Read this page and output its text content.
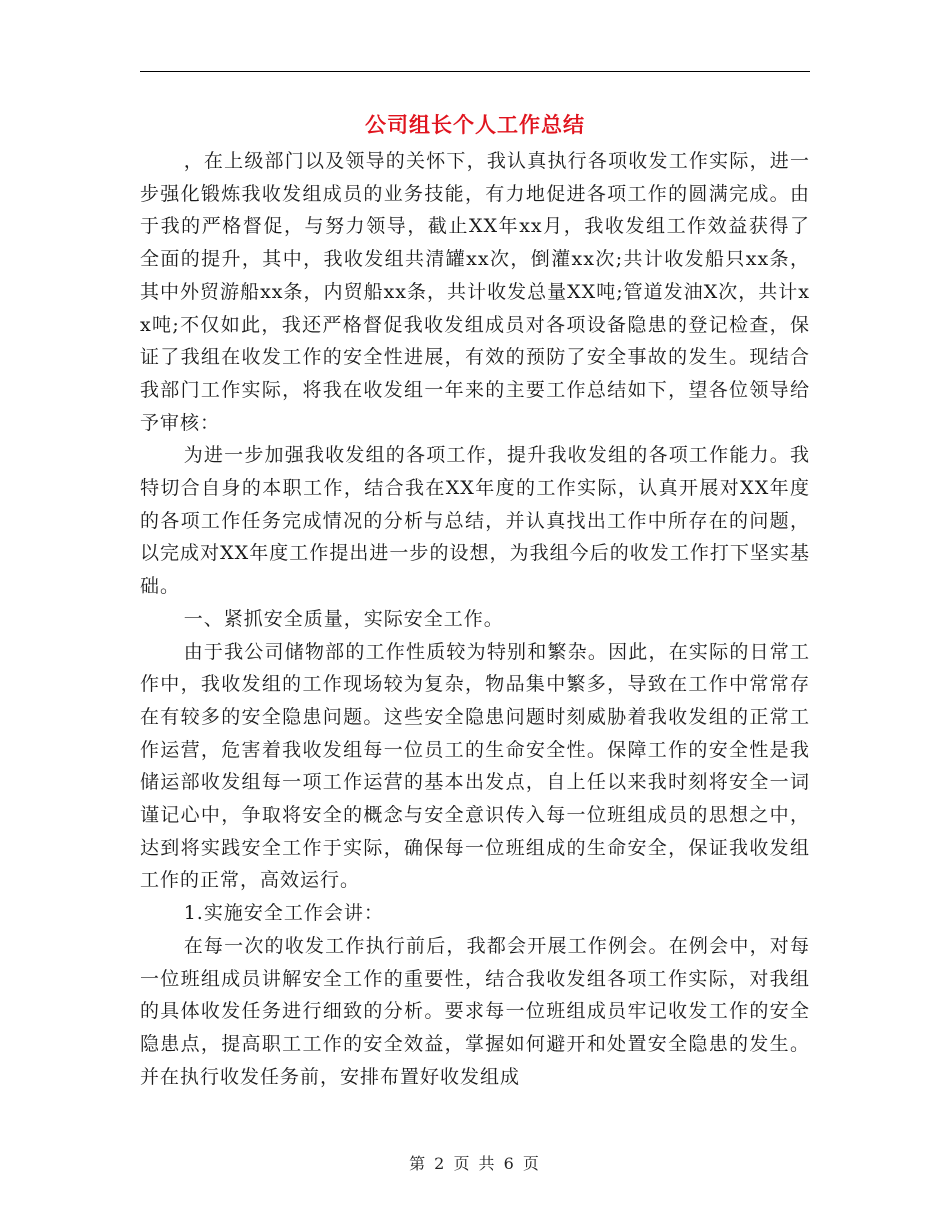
公司组长个人工作总结

，在上级部门以及领导的关怀下，我认真执行各项收发工作实际，进一步强化锻炼我收发组成员的业务技能，有力地促进各项工作的圆满完成。由于我的严格督促，与努力领导，截止XX年xx月，我收发组工作效益获得了全面的提升，其中，我收发组共清罐xx次，倒灌xx次;共计收发船只xx条，其中外贸游船xx条，内贸船xx条，共计收发总量XX吨;管道发油X次，共计xx吨;不仅如此，我还严格督促我收发组成员对各项设备隐患的登记检查，保证了我组在收发工作的安全性进展，有效的预防了安全事故的发生。现结合我部门工作实际，将我在收发组一年来的主要工作总结如下，望各位领导给予审核：

为进一步加强我收发组的各项工作，提升我收发组的各项工作能力。我特切合自身的本职工作，结合我在XX年度的工作实际，认真开展对XX年度的各项工作任务完成情况的分析与总结，并认真找出工作中所存在的问题，以完成对XX年度工作提出进一步的设想，为我组今后的收发工作打下坚实基础。

一、紧抓安全质量，实际安全工作。

由于我公司储物部的工作性质较为特别和繁杂。因此，在实际的日常工作中，我收发组的工作现场较为复杂，物品集中繁多，导致在工作中常常存在有较多的安全隐患问题。这些安全隐患问题时刻威胁着我收发组的正常工作运营，危害着我收发组每一位员工的生命安全性。保障工作的安全性是我储运部收发组每一项工作运营的基本出发点，自上任以来我时刻将安全一词谨记心中，争取将安全的概念与安全意识传入每一位班组成员的思想之中，达到将实践安全工作于实际，确保每一位班组成的生命安全，保证我收发组工作的正常，高效运行。

1.实施安全工作会讲：

在每一次的收发工作执行前后，我都会开展工作例会。在例会中，对每一位班组成员讲解安全工作的重要性，结合我收发组各项工作实际，对我组的具体收发任务进行细致的分析。要求每一位班组成员牢记收发工作的安全隐患点，提高职工工作的安全效益，掌握如何避开和处置安全隐患的发生。并在执行收发任务前，安排布置好收发组成

第 2 页 共 6 页
